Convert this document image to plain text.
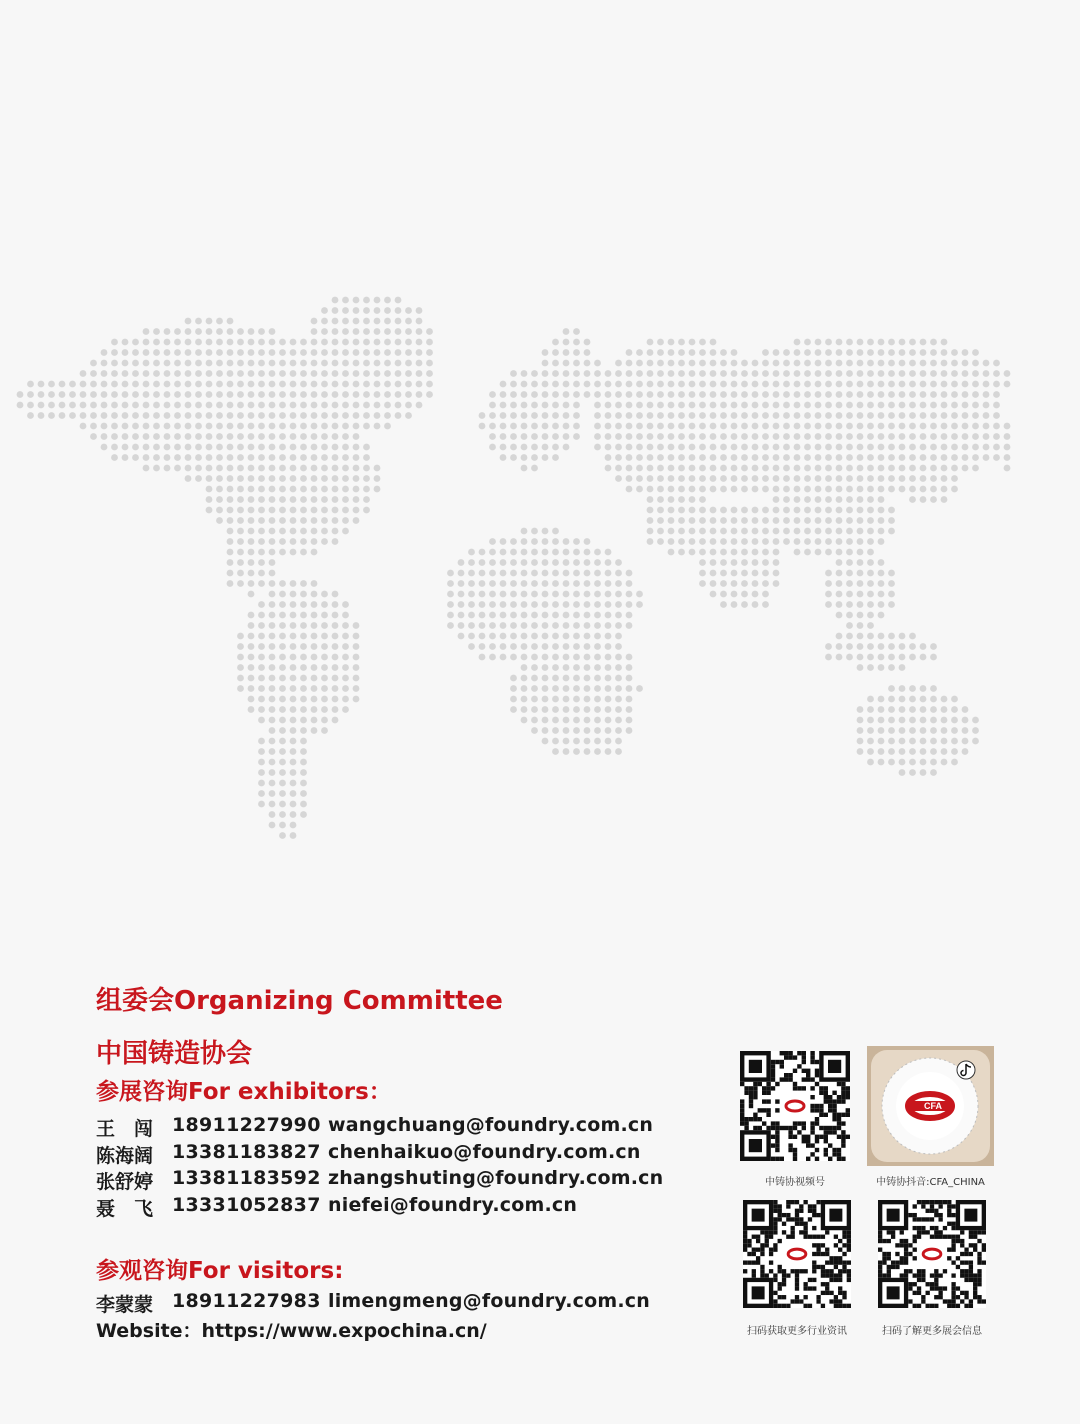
组委会Organizing Committee
中国铸造协会
参展咨询For exhibitors：
王　闯 18911227990 wangchuang@foundry.com.cn
陈海阔 13381183827 chenhaikuo@foundry.com.cn
张舒婷 13381183592 zhangshuting@foundry.com.cn
聂　飞 13331052837 niefei@foundry.com.cn
参观咨询For visitors:
李蒙蒙 18911227983 limengmeng@foundry.com.cn
Website：https://www.expochina.cn/
中铸协视频号
CFA
中铸协抖音:CFA_CHINA
扫码获取更多行业资讯	扫码了解更多展会信息
